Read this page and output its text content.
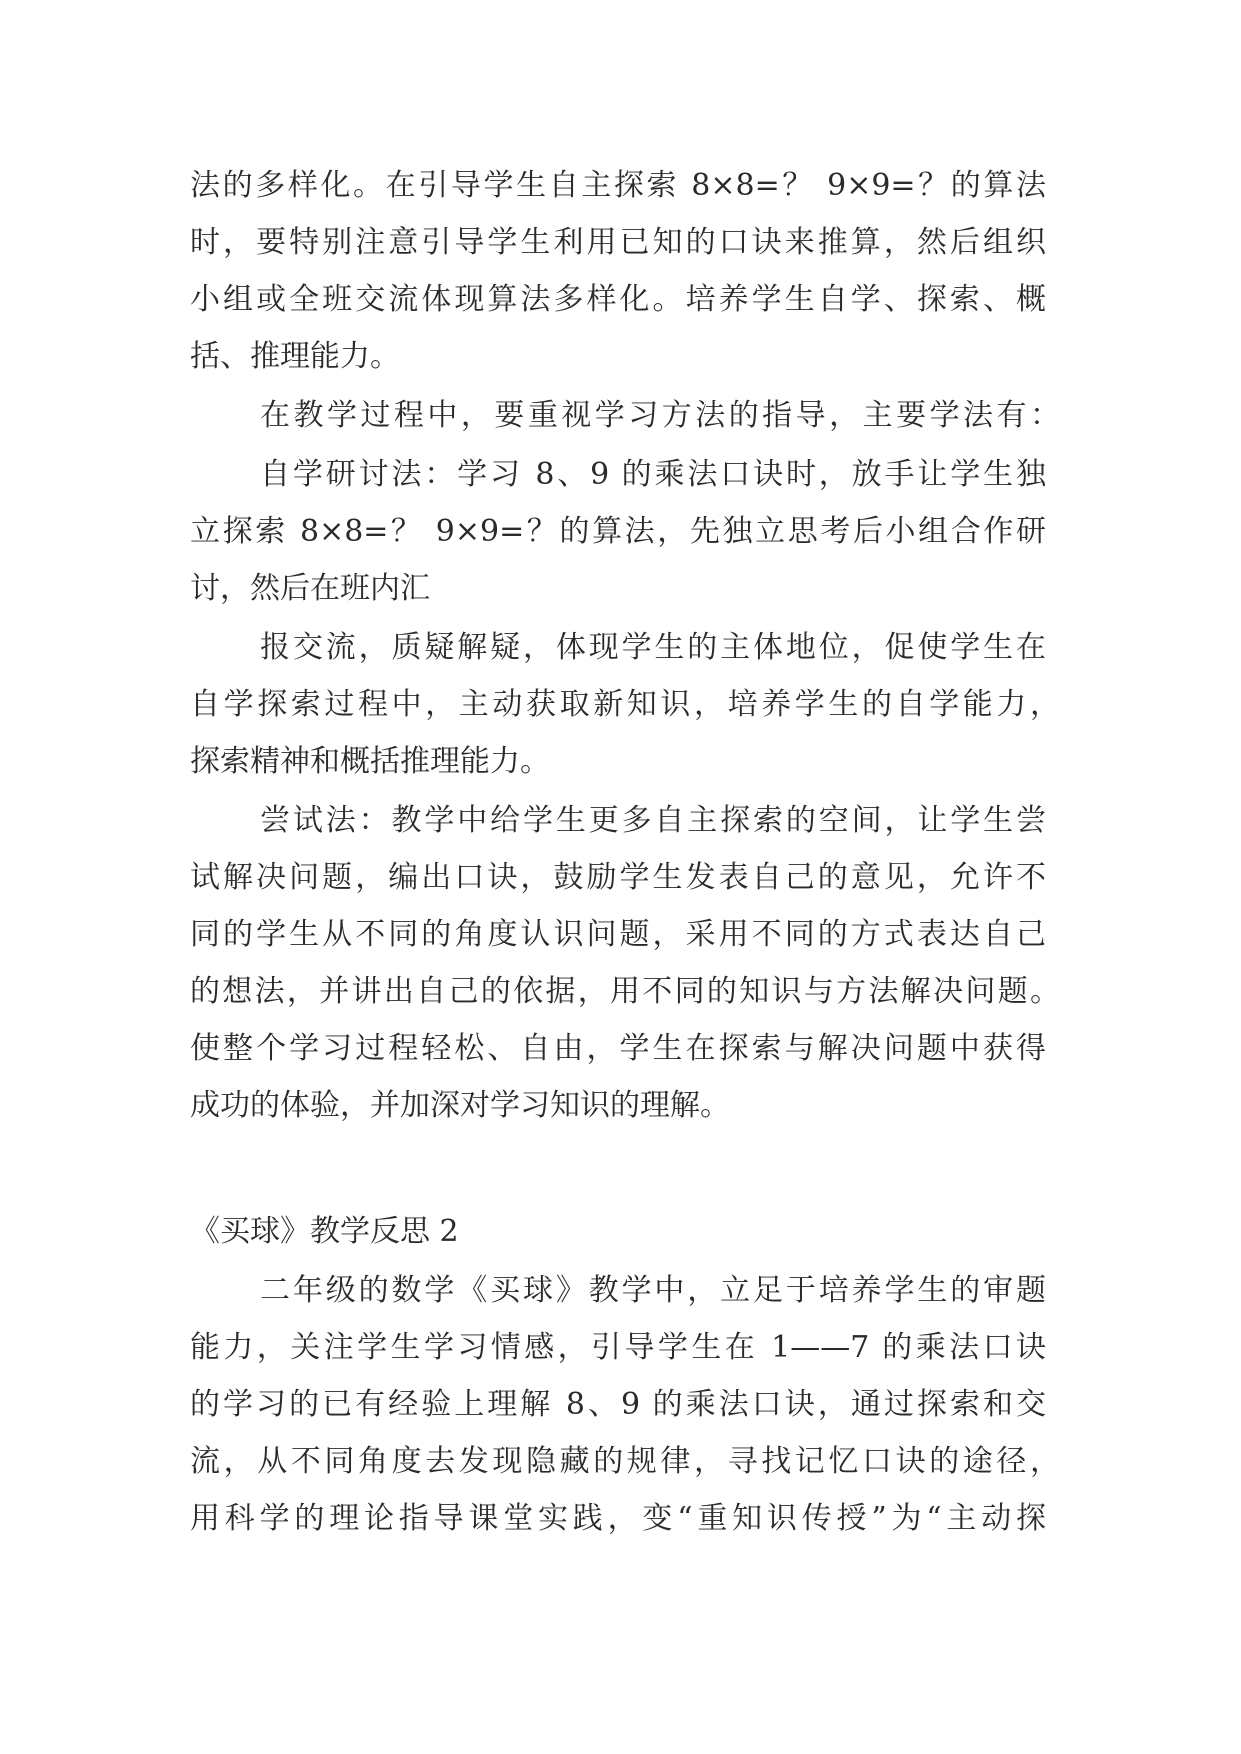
法的多样化。在引导学生自主探索 8×8=？ 9×9=？的算法

时，要特别注意引导学生利用已知的口诀来推算，然后组织

小组或全班交流体现算法多样化。培养学生自学、探索、概

括、推理能力。

在教学过程中，要重视学习方法的指导，主要学法有：

自学研讨法：学习 8、9 的乘法口诀时，放手让学生独

立探索 8×8=？ 9×9=？的算法，先独立思考后小组合作研

讨，然后在班内汇

报交流，质疑解疑，体现学生的主体地位，促使学生在

自学探索过程中，主动获取新知识，培养学生的自学能力，

探索精神和概括推理能力。

尝试法：教学中给学生更多自主探索的空间，让学生尝

试解决问题，编出口诀，鼓励学生发表自己的意见，允许不

同的学生从不同的角度认识问题，采用不同的方式表达自己

的想法，并讲出自己的依据，用不同的知识与方法解决问题。

使整个学习过程轻松、自由，学生在探索与解决问题中获得

成功的体验，并加深对学习知识的理解。

《买球》教学反思 2

二年级的数学《买球》教学中，立足于培养学生的审题

能力，关注学生学习情感，引导学生在 1——7 的乘法口诀

的学习的已有经验上理解 8、9 的乘法口诀，通过探索和交

流，从不同角度去发现隐藏的规律，寻找记忆口诀的途径，

用科学的理论指导课堂实践，变“重知识传授”为“主动探
